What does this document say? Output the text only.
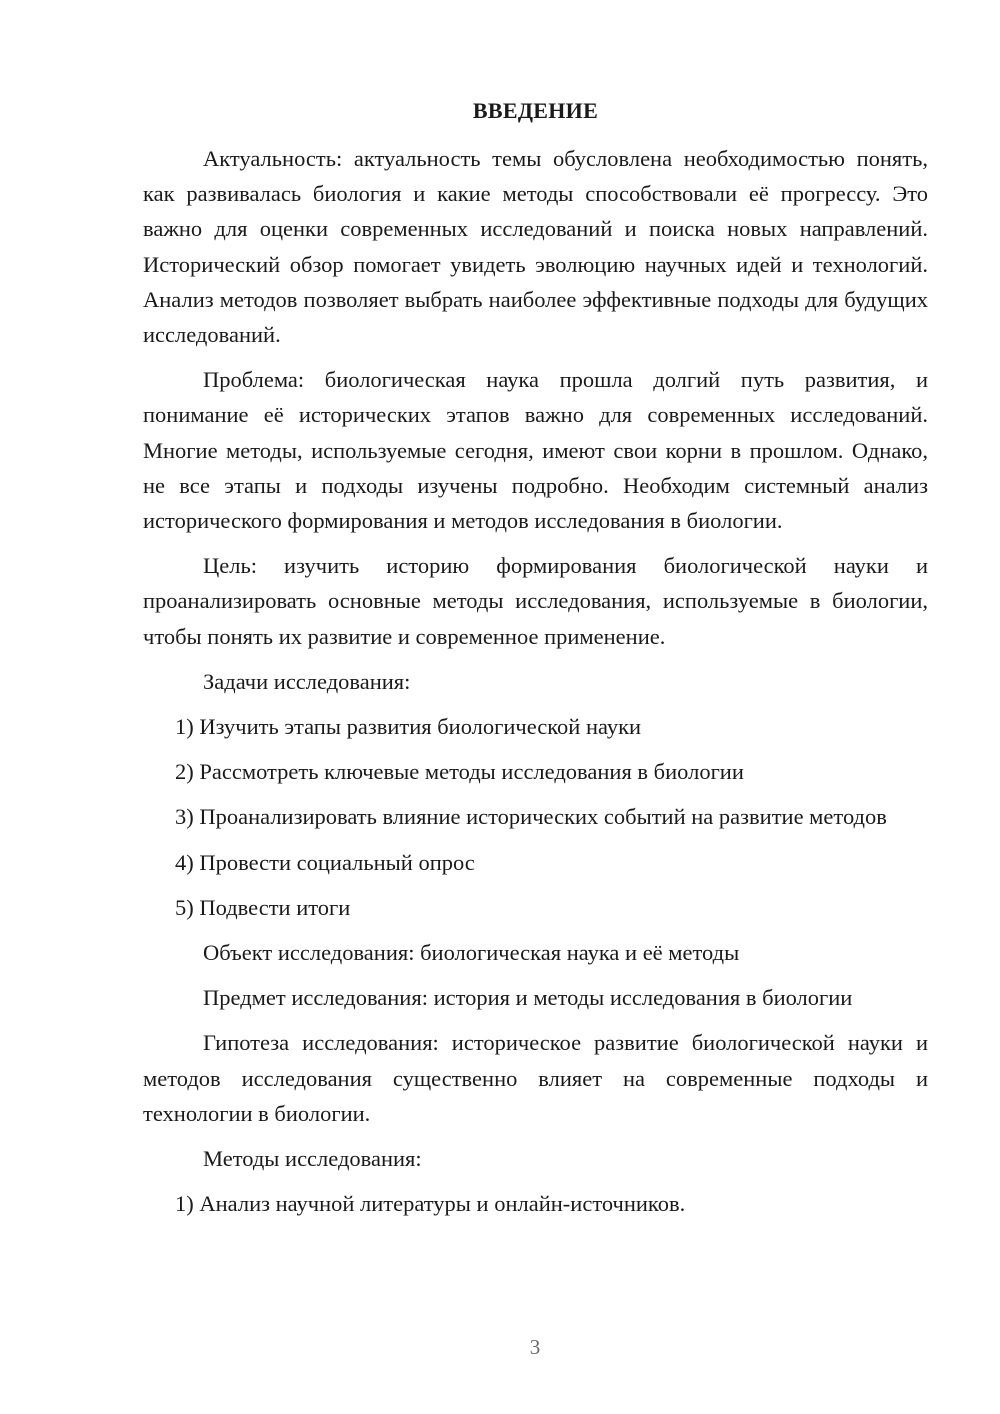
ВВЕДЕНИЕ

Актуальность: актуальность темы обусловлена необходимостью понять, как развивалась биология и какие методы способствовали её прогрессу. Это важно для оценки современных исследований и поиска новых направлений. Исторический обзор помогает увидеть эволюцию научных идей и технологий. Анализ методов позволяет выбрать наиболее эффективные подходы для будущих исследований.

Проблема: биологическая наука прошла долгий путь развития, и понимание её исторических этапов важно для современных исследований. Многие методы, используемые сегодня, имеют свои корни в прошлом. Однако, не все этапы и подходы изучены подробно. Необходим системный анализ исторического формирования и методов исследования в биологии.

Цель: изучить историю формирования биологической науки и проанализировать основные методы исследования, используемые в биологии, чтобы понять их развитие и современное применение.

Задачи исследования:

1) Изучить этапы развития биологической науки

2) Рассмотреть ключевые методы исследования в биологии

3) Проанализировать влияние исторических событий на развитие методов

4) Провести социальный опрос

5) Подвести итоги

Объект исследования: биологическая наука и её методы

Предмет исследования: история и методы исследования в биологии

Гипотеза исследования: историческое развитие биологической науки и методов исследования существенно влияет на современные подходы и технологии в биологии.

Методы исследования:

1) Анализ научной литературы и онлайн-источников.

3
